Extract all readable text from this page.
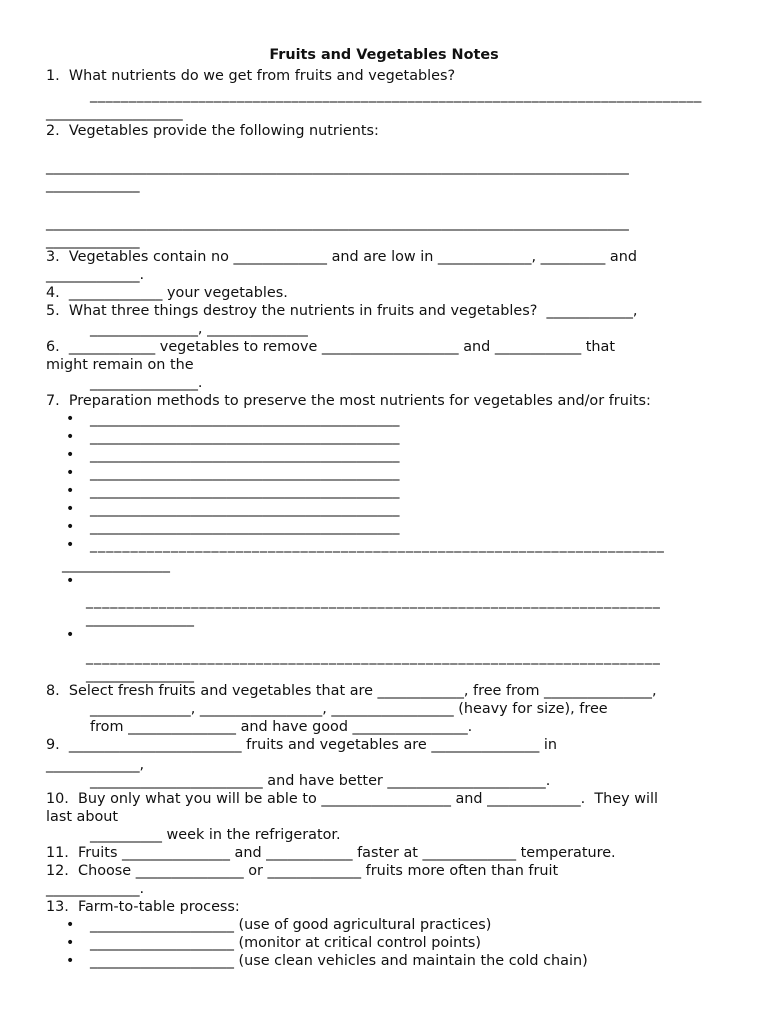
Fruits and Vegetables Notes
1.  What nutrients do we get from fruits and vegetables?
_______________________________________________________________________________
___________________
2.  Vegetables provide the following nutrients:
_________________________________________________________________________________
_____________
_________________________________________________________________________________
_____________
3.  Vegetables contain no _____________ and are low in _____________, _________ and
_____________.
4.  _____________ your vegetables.
5.  What three things destroy the nutrients in fruits and vegetables?  ____________,
_______________, ______________
6.  ____________ vegetables to remove ___________________ and ____________ that
might remain on the
_______________.
7.  Preparation methods to preserve the most nutrients for vegetables and/or fruits:
• ___________________________________________
• ___________________________________________
• ___________________________________________
• ___________________________________________
• ___________________________________________
• ___________________________________________
• ___________________________________________
• _______________________________________________________________________
_______________
•
_______________________________________________________________________
_______________
•
_______________________________________________________________________
_______________
8.  Select fresh fruits and vegetables that are ____________, free from _______________,
______________, _________________, _________________ (heavy for size), free
from _______________ and have good ________________.
9.  ________________________ fruits and vegetables are _______________ in
_____________,
________________________ and have better ______________________.
10.  Buy only what you will be able to __________________ and _____________.  They will
last about
__________ week in the refrigerator.
11.  Fruits _______________ and ____________ faster at _____________ temperature.
12.  Choose _______________ or _____________ fruits more often than fruit
_____________.
13.  Farm-to-table process:
• ____________________ (use of good agricultural practices)
• ____________________ (monitor at critical control points)
• ____________________ (use clean vehicles and maintain the cold chain)
